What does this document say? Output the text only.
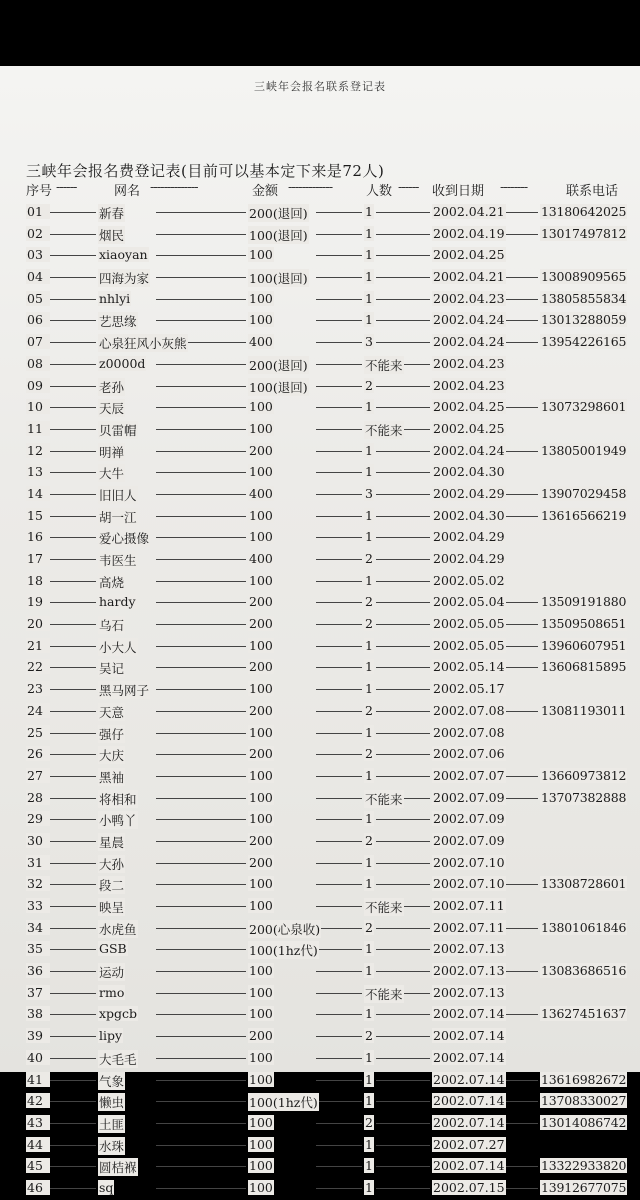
三峡年会报名联系登记表
三峡年会报名费登记表(目前可以基本定下来是72人)
序号 ------	网名 --------------	金额 -------------	人数 ------ 收到日期 --------	联系电话
01	新春	200(退回)	1	2002.04.21	13180642025
02	烟民	100(退回)	1	2002.04.19	13017497812
03	xiaoyan	100	1	2002.04.25
04	四海为家	100(退回)	1	2002.04.21	13008909565
05	nhlyi	100	1	2002.04.23	13805855834
06	艺思缘	100	1	2002.04.24	13013288059
07	心泉狂风小灰熊	400	3	2002.04.24	13954226165
08	z0000d	200(退回)	不能来 2002.04.23
09	老孙	100(退回)	2	2002.04.23
10	天辰	100	1	2002.04.25	13073298601
11	贝雷帽	100	不能来 2002.04.25
12	明禅	200	1	2002.04.24	13805001949
13	大牛	100	1	2002.04.30
14	旧旧人	400	3	2002.04.29	13907029458
15	胡一江	100	1	2002.04.30	13616566219
16	爱心摄像	100	1	2002.04.29
17	韦医生	400	2	2002.04.29
18	高烧	100	1	2002.05.02
19	hardy	200	2	2002.05.04	13509191880
20	乌石	200	2	2002.05.05	13509508651
21	小大人	100	1	2002.05.05	13960607951
22	吴记	200	1	2002.05.14	13606815895
23	黑马网子	100	1	2002.05.17
24	天意	200	2	2002.07.08	13081193011
25	强仔	100	1	2002.07.08
26	大庆	200	2	2002.07.06
27	黑袖	100	1	2002.07.07	13660973812
28	将相和	100	不能来 2002.07.09	13707382888
29	小鸭丫	100	1	2002.07.09
30	星晨	200	2	2002.07.09
31	大孙	200	1	2002.07.10
32	段二	100	1	2002.07.10	13308728601
33	映呈	100	不能来 2002.07.11
34	水虎鱼	200(心泉收)	2	2002.07.11	13801061846
35	GSB	100(1hz代)	1	2002.07.13
36	运动	100	1	2002.07.13	13083686516
37	rmo	100	不能来 2002.07.13
38	xpgcb	100	1	2002.07.14	13627451637
39	lipy	200	2	2002.07.14
40	大毛毛	100	1	2002.07.14
41	气象	100	1	2002.07.14	13616982672
42	懒虫	100(1hz代)	1	2002.07.14	13708330027
43	土匪	100	2	2002.07.14	13014086742
44	水珠	100	1	2002.07.27
45	圆桔褓	100	1	2002.07.14	13322933820
46	sq	100	1	2002.07.15	13912677075
